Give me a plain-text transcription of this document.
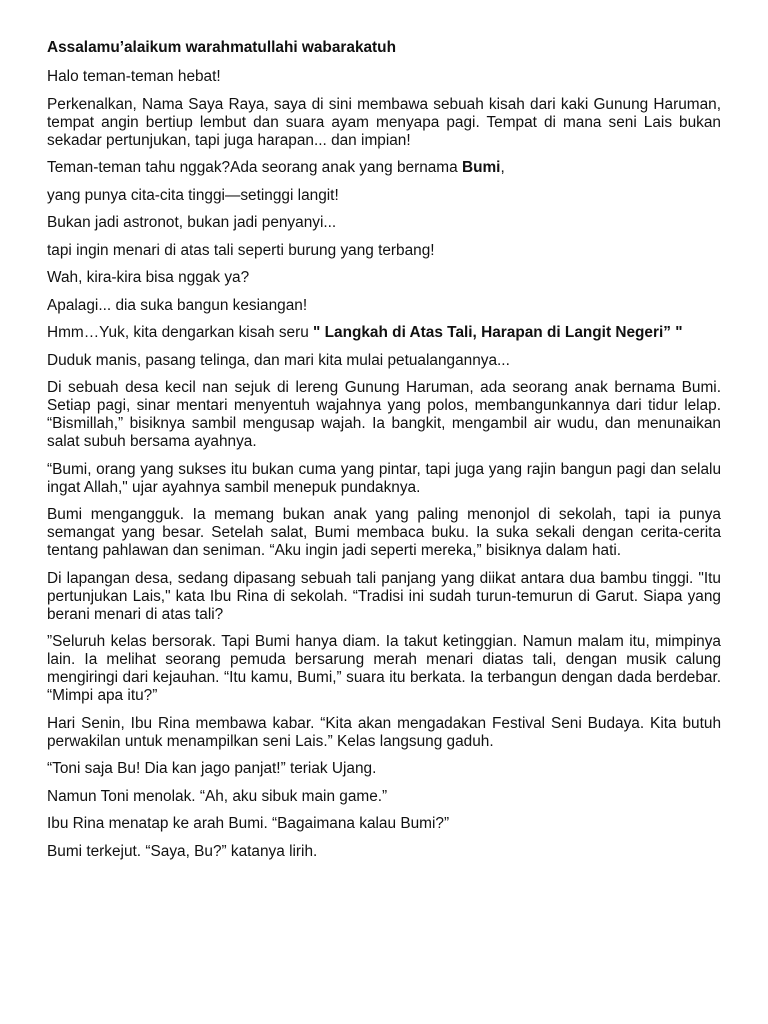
Assalamu’alaikum warahmatullahi wabarakatuh

Halo teman-teman hebat!

Perkenalkan, Nama Saya Raya, saya di sini membawa sebuah kisah dari kaki Gunung Haruman, tempat angin bertiup lembut dan suara ayam menyapa pagi. Tempat di mana seni Lais bukan sekadar pertunjukan, tapi juga harapan... dan impian!

Teman-teman tahu nggak?Ada seorang anak yang bernama Bumi,

yang punya cita-cita tinggi—setinggi langit!

Bukan jadi astronot, bukan jadi penyanyi...

tapi ingin menari di atas tali seperti burung yang terbang!

Wah, kira-kira bisa nggak ya?

Apalagi... dia suka bangun kesiangan!

Hmm…Yuk, kita dengarkan kisah seru " Langkah di Atas Tali, Harapan di Langit Negeri” "

Duduk manis, pasang telinga, dan mari kita mulai petualangannya...

Di sebuah desa kecil nan sejuk di lereng Gunung Haruman, ada seorang anak bernama Bumi. Setiap pagi, sinar mentari menyentuh wajahnya yang polos, membangunkannya dari tidur lelap. “Bismillah,” bisiknya sambil mengusap wajah. Ia bangkit, mengambil air wudu, dan menunaikan salat subuh bersama ayahnya.

“Bumi, orang yang sukses itu bukan cuma yang pintar, tapi juga yang rajin bangun pagi dan selalu ingat Allah," ujar ayahnya sambil menepuk pundaknya.

Bumi mengangguk. Ia memang bukan anak yang paling menonjol di sekolah, tapi ia punya semangat yang besar. Setelah salat, Bumi membaca buku. Ia suka sekali dengan cerita-cerita tentang pahlawan dan seniman. “Aku ingin jadi seperti mereka,” bisiknya dalam hati.

Di lapangan desa, sedang dipasang sebuah tali panjang yang diikat antara dua bambu tinggi. "Itu pertunjukan Lais," kata Ibu Rina di sekolah. “Tradisi ini sudah turun-temurun di Garut. Siapa yang berani menari di atas tali?

”Seluruh kelas bersorak. Tapi Bumi hanya diam. Ia takut ketinggian. Namun malam itu, mimpinya lain. Ia melihat seorang pemuda bersarung merah menari diatas tali, dengan musik calung mengiringi dari kejauhan. “Itu kamu, Bumi,” suara itu berkata. Ia terbangun dengan dada berdebar. “Mimpi apa itu?”

Hari Senin, Ibu Rina membawa kabar. “Kita akan mengadakan Festival Seni Budaya. Kita butuh perwakilan untuk menampilkan seni Lais.” Kelas langsung gaduh.

“Toni saja Bu! Dia kan jago panjat!” teriak Ujang.

Namun Toni menolak. “Ah, aku sibuk main game.”

Ibu Rina menatap ke arah Bumi. “Bagaimana kalau Bumi?”

Bumi terkejut. “Saya, Bu?” katanya lirih.
